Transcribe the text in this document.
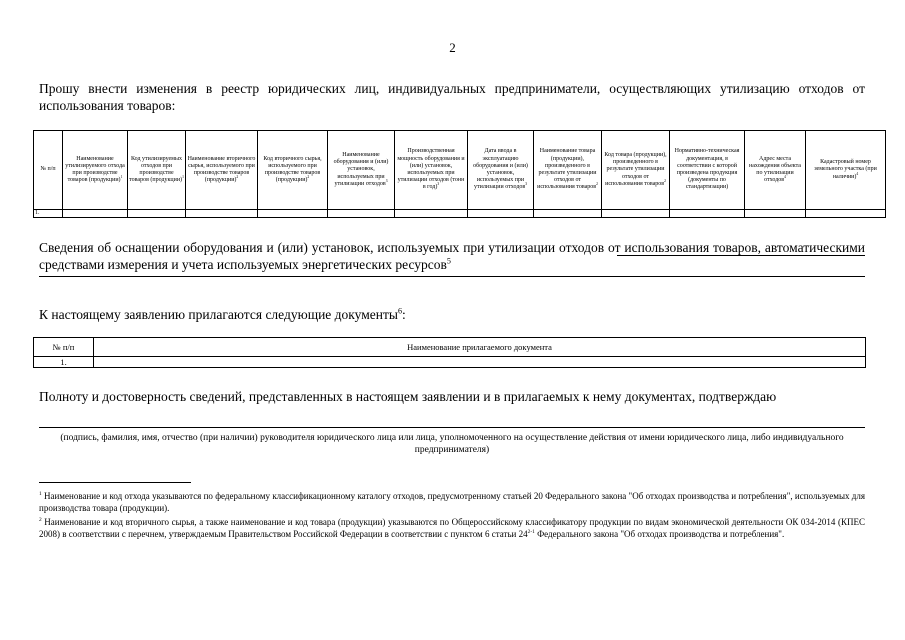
2
Прошу внести изменения в реестр юридических лиц, индивидуальных предприниматели, осуществляющих утилизацию отходов от использования товаров:
№ п/п	Наименование утилизируемого отхода при производстве товаров (продукции)$^1$	Код утилизируемых отходов при производстве товаров (продукции)$^1$	Наименование вторичного сырья, используемого при производстве товаров (продукции)$^2$	Код вторичного сырья, используемого при производстве товаров (продукции)$^2$	Наименование оборудования и (или) установок, используемых при утилизации отходов$^3$	Производственная мощность оборудования и (или) установок, используемых при утилизации отходов (тонн в год)$^3$	Дата ввода в эксплуатацию оборудования и (или) установок, используемых при утилизации отходов$^3$	Наименование товара (продукции), произведенного в результате утилизации отходов от использования товаров$^2$	Код товара (продукции), произведенного в результате утилизации отходов от использования товаров$^2$	Нормативно-техническая документация, в соответствии с которой произведена продукция (документы по стандартизации)	Адрес места нахождения объекта по утилизации отходов$^4$	Кадастровый номер земельного участка (при наличии)$^4$
1.												
Сведения об оснащении оборудования и (или) установок, используемых при утилизации отходов от использования товаров, автоматическими средствами измерения и учета используемых энергетических ресурсов$^5$
К настоящему заявлению прилагаются следующие документы$^6$:
№ п/п	Наименование прилагаемого документа
1.	
Полноту и достоверность сведений, представленных в настоящем заявлении и в прилагаемых к нему документах, подтверждаю
(подпись, фамилия, имя, отчество (при наличии) руководителя юридического лица или лица, уполномоченного на осуществление действия от имени юридического лица, либо индивидуального предпринимателя)
$^1$ Наименование и код отхода указываются по федеральному классификационному каталогу отходов, предусмотренному статьей 20 Федерального закона "Об отходах производства и потребления", используемых для производства товара (продукции).
$^2$ Наименование и код вторичного сырья, а также наименование и код товара (продукции) указываются по Общероссийскому классификатору продукции по видам экономической деятельности ОК 034-2014 (КПЕС 2008) в соответствии с перечнем, утверждаемым Правительством Российской Федерации в соответствии с пунктом 6 статьи 24$^{2-1}$ Федерального закона "Об отходах производства и потребления".
